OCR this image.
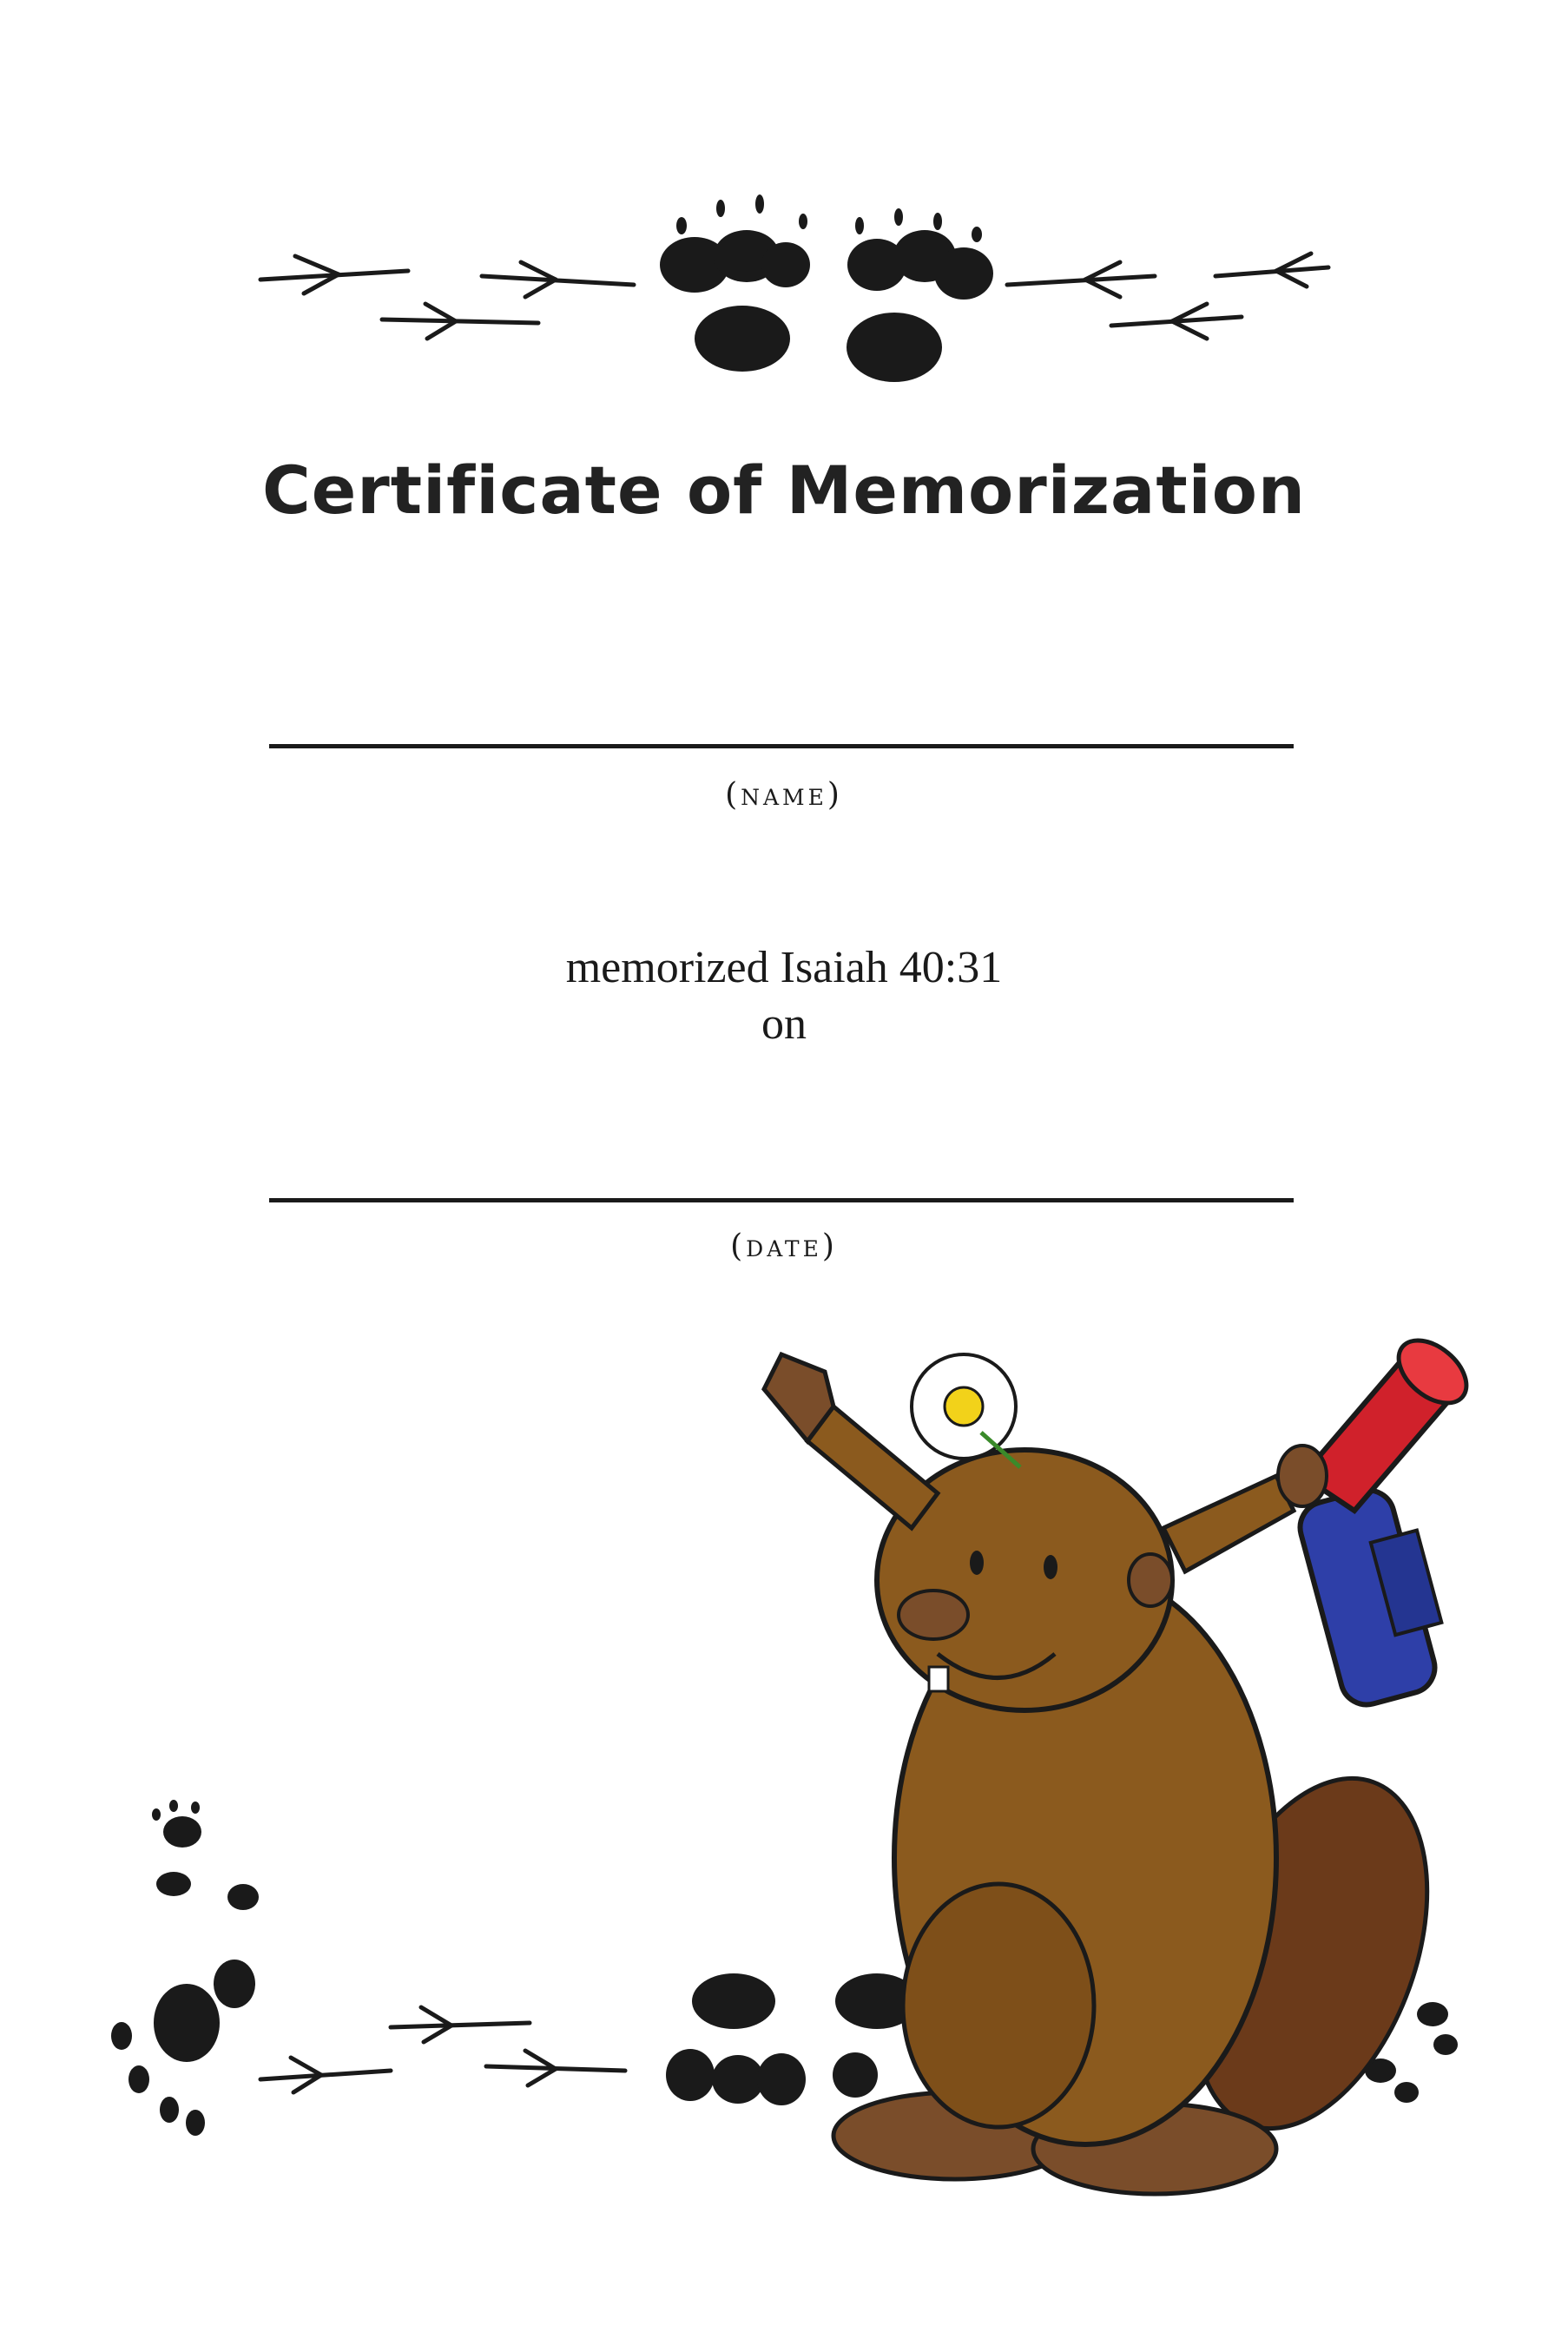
Certificate of Memorization
(name)
memorized Isaiah 40:31
on
(date)
